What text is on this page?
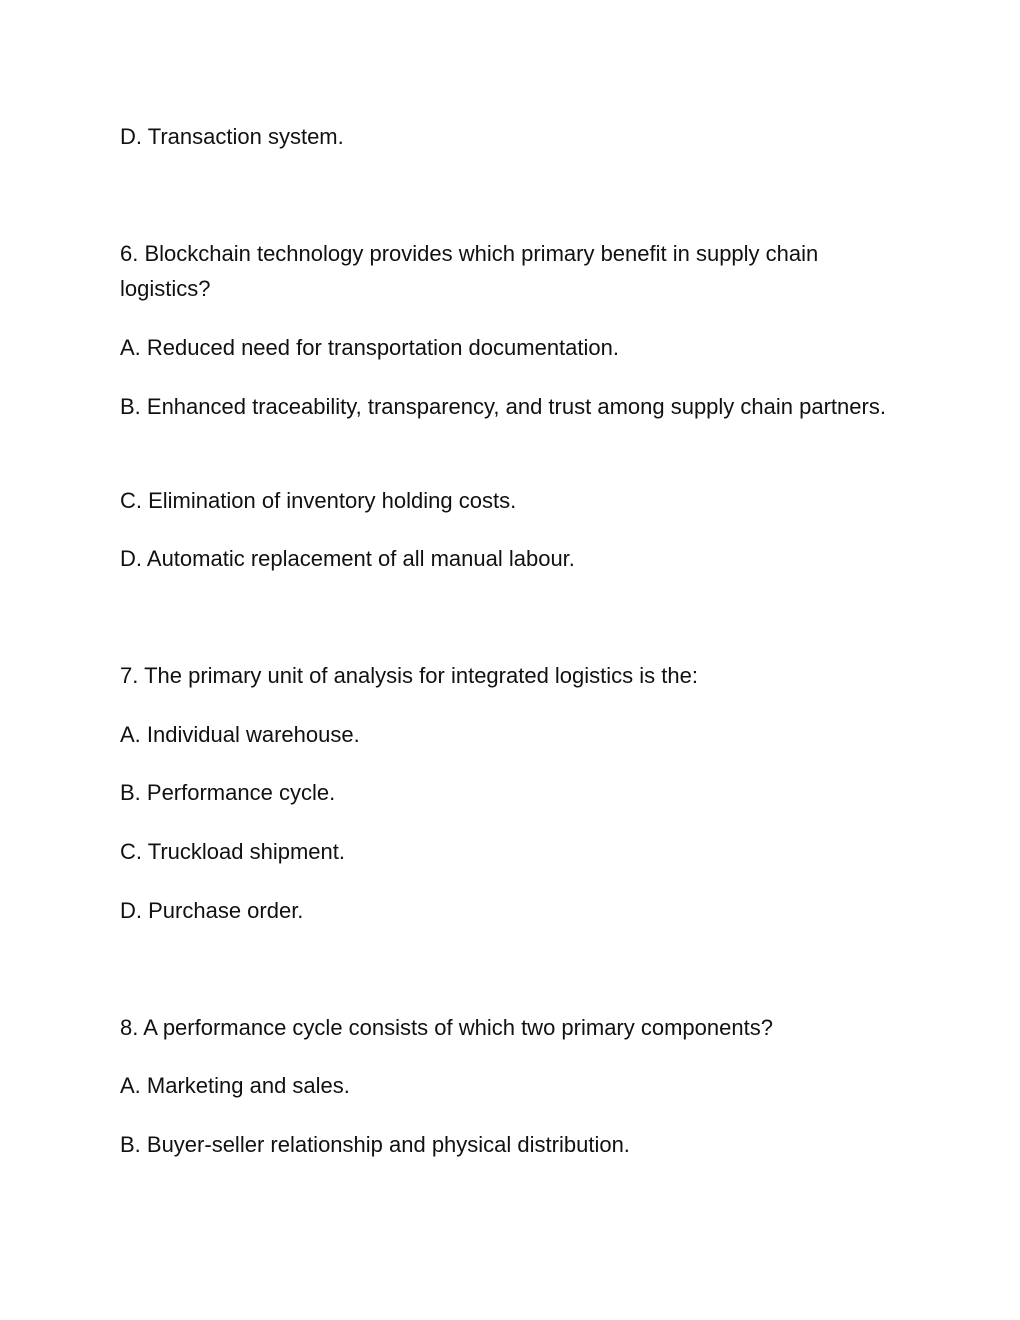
D. Transaction system.
6. Blockchain technology provides which primary benefit in supply chain logistics?
A. Reduced need for transportation documentation.
B. Enhanced traceability, transparency, and trust among supply chain partners.
C. Elimination of inventory holding costs.
D. Automatic replacement of all manual labour.
7. The primary unit of analysis for integrated logistics is the:
A. Individual warehouse.
B. Performance cycle.
C. Truckload shipment.
D. Purchase order.
8. A performance cycle consists of which two primary components?
A. Marketing and sales.
B. Buyer-seller relationship and physical distribution.
